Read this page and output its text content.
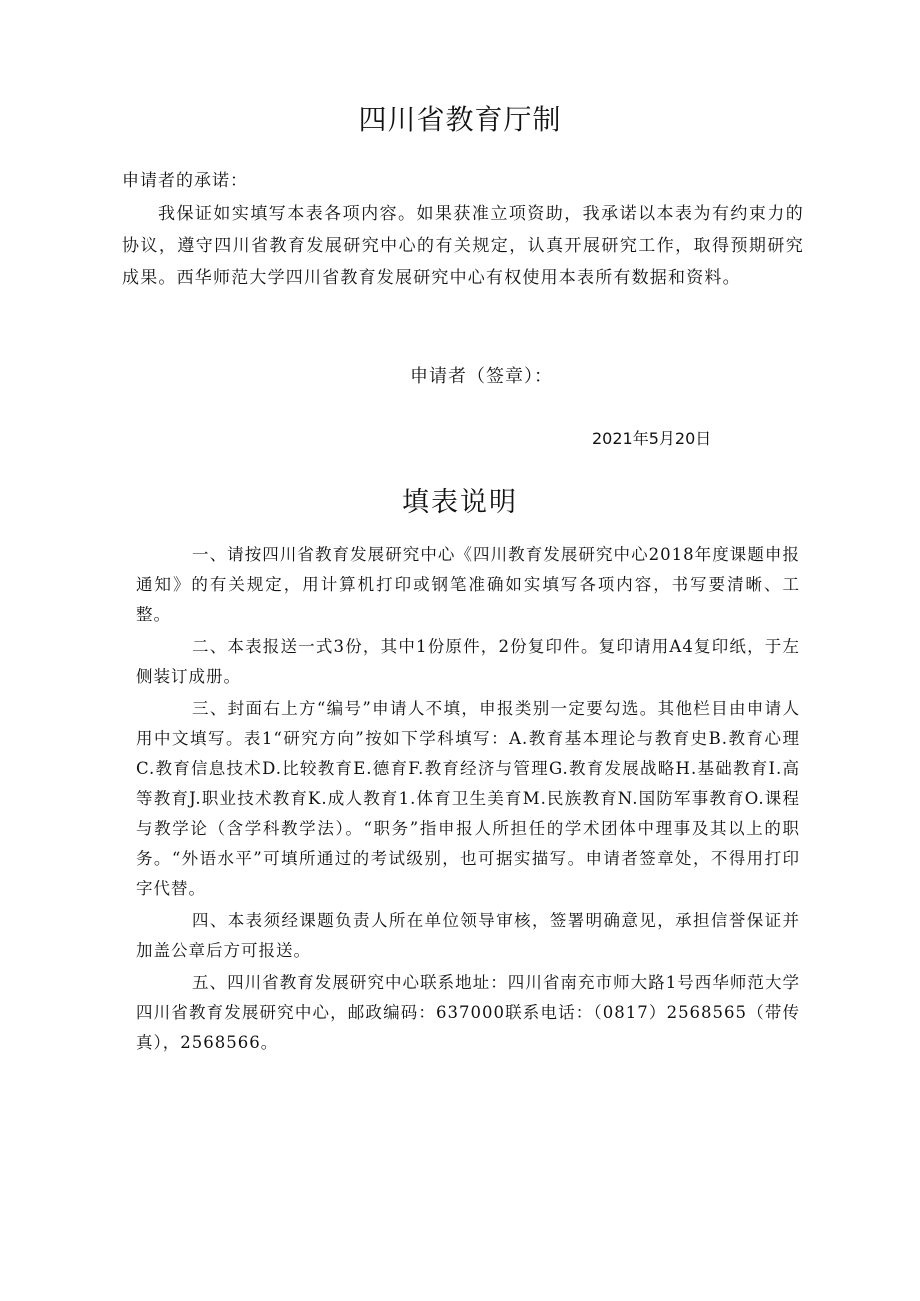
四川省教育厅制
申请者的承诺：

我保证如实填写本表各项内容。如果获准立项资助，我承诺以本表为有约束力的协议，遵守四川省教育发展研究中心的有关规定，认真开展研究工作，取得预期研究成果。西华师范大学四川省教育发展研究中心有权使用本表所有数据和资料。

申请者（签章）：
2021年5月20日
填表说明
一、请按四川省教育发展研究中心《四川教育发展研究中心2018年度课题申报通知》的有关规定，用计算机打印或钢笔准确如实填写各项内容，书写要清晰、工整。
二、本表报送一式3份，其中1份原件，2份复印件。复印请用A4复印纸，于左侧装订成册。
三、封面右上方“编号”申请人不填，申报类别一定要勾选。其他栏目由申请人用中文填写。表1“研究方向”按如下学科填写：A.教育基本理论与教育史B.教育心理C.教育信息技术D.比较教育E.德育F.教育经济与管理G.教育发展战略H.基础教育I.高等教育J.职业技术教育K.成人教育1.体育卫生美育M.民族教育N.国防军事教育O.课程与教学论（含学科教学法）。“职务”指申报人所担任的学术团体中理事及其以上的职务。“外语水平”可填所通过的考试级别，也可据实描写。申请者签章处，不得用打印字代替。
四、本表须经课题负责人所在单位领导审核，签署明确意见，承担信誉保证并加盖公章后方可报送。
五、四川省教育发展研究中心联系地址：四川省南充市师大路1号西华师范大学四川省教育发展研究中心，邮政编码：637000联系电话：（0817）2568565（带传真），2568566。
